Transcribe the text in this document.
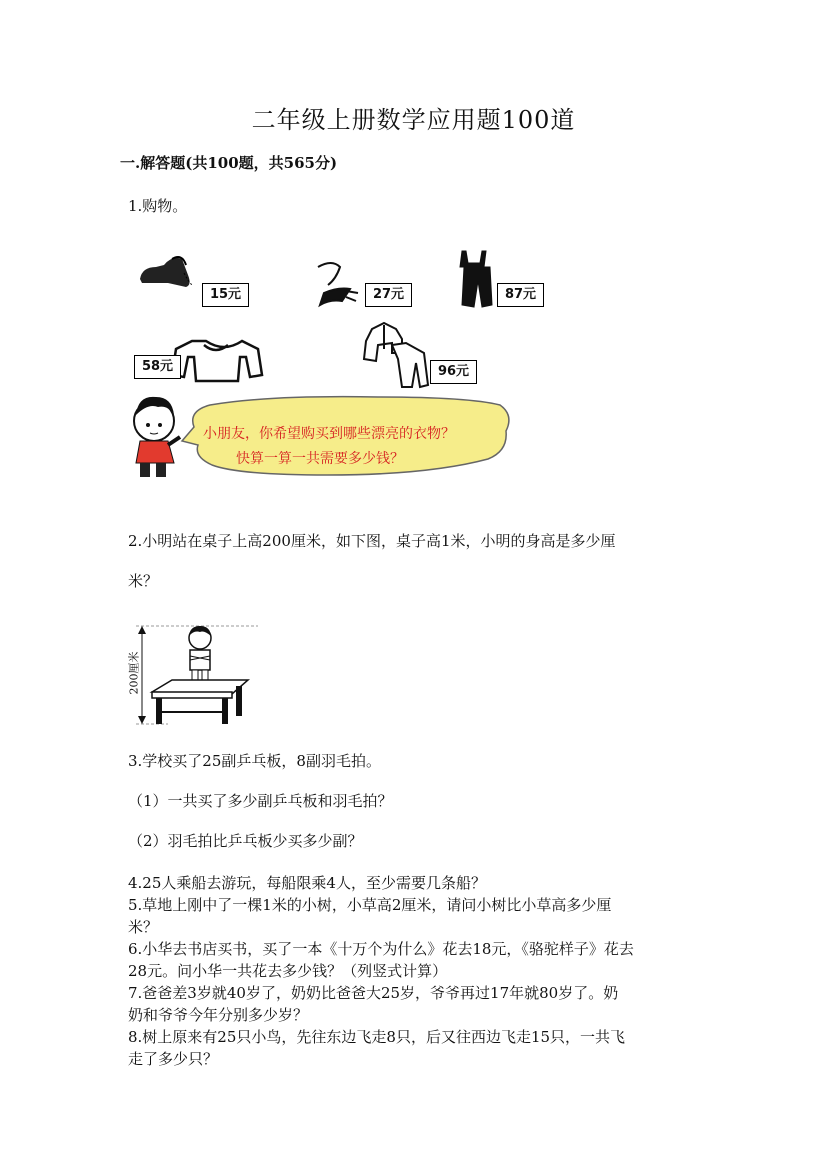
二年级上册数学应用题100道
一.解答题(共100题，共565分)
1.购物。
15元	27元	87元
58元	96元
小朋友，你希望购买到哪些漂亮的衣物？
快算一算一共需要多少钱？
2.小明站在桌子上高200厘米，如下图，桌子高1米，小明的身高是多少厘
米？
200厘米
3.学校买了25副乒乓板，8副羽毛拍。
（1）一共买了多少副乒乓板和羽毛拍？
（2）羽毛拍比乒乓板少买多少副？
4.25人乘船去游玩，每船限乘4人，至少需要几条船？
5.草地上刚中了一棵1米的小树，小草高2厘米，请问小树比小草高多少厘
米？
6.小华去书店买书，买了一本《十万个为什么》花去18元，《骆驼样子》花去
28元。问小华一共花去多少钱？（列竖式计算）
7.爸爸差3岁就40岁了，奶奶比爸爸大25岁，爷爷再过17年就80岁了。奶
奶和爷爷今年分别多少岁？
8.树上原来有25只小鸟，先往东边飞走8只，后又往西边飞走15只，一共飞
走了多少只？
